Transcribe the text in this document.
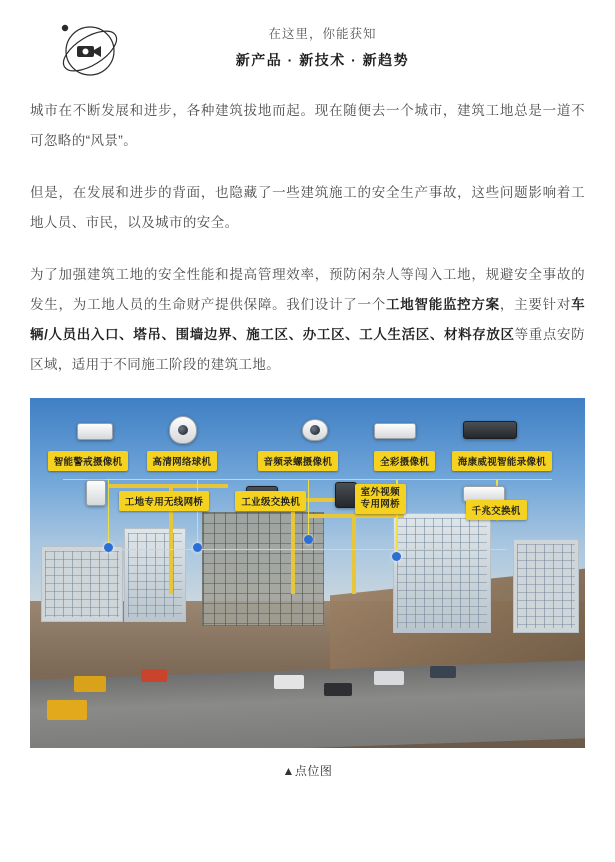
在这里，你能获知
新产品 · 新技术 · 新趋势

城市在不断发展和进步，各种建筑拔地而起。现在随便去一个城市，建筑工地总是一道不可忽略的“风景”。

但是，在发展和进步的背面，也隐藏了一些建筑施工的安全生产事故，这些问题影响着工地人员、市民，以及城市的安全。

为了加强建筑工地的安全性能和提高管理效率，预防闲杂人等闯入工地，规避安全事故的发生，为工地人员的生命财产提供保障。我们设计了一个工地智能监控方案，主要针对车辆/人员出入口、塔吊、围墙边界、施工区、办工区、工人生活区、材料存放区等重点安防区域，适用于不同施工阶段的建筑工地。

智能警戒摄像机	高清网络球机	音频录螺摄像机	全彩摄像机	海康威视智能录像机
工地专用无线网桥	工业级交换机
室外视频
专用网桥
千兆交换机
▲点位图
